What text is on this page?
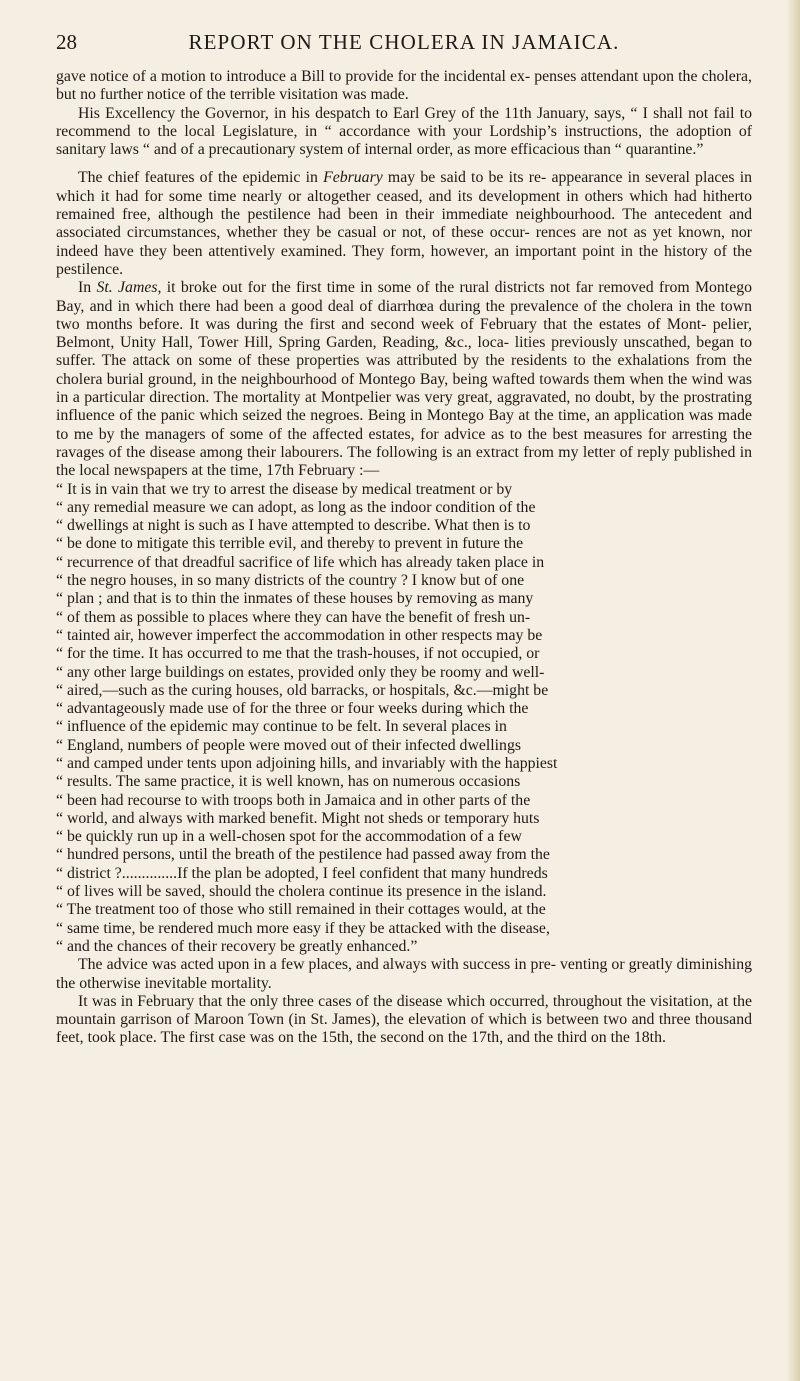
28	REPORT ON THE CHOLERA IN JAMAICA.

gave notice of a motion to introduce a Bill to provide for the incidental ex- penses attendant upon the cholera, but no further notice of the terrible visitation was made.

His Excellency the Governor, in his despatch to Earl Grey of the 11th January, says, “ I shall not fail to recommend to the local Legislature, in “ accordance with your Lordship’s instructions, the adoption of sanitary laws “ and of a precautionary system of internal order, as more efficacious than “ quarantine.”

The chief features of the epidemic in February may be said to be its re- appearance in several places in which it had for some time nearly or altogether ceased, and its development in others which had hitherto remained free, although the pestilence had been in their immediate neighbourhood. The antecedent and associated circumstances, whether they be casual or not, of these occur- rences are not as yet known, nor indeed have they been attentively examined. They form, however, an important point in the history of the pestilence.

In St. James, it broke out for the first time in some of the rural districts not far removed from Montego Bay, and in which there had been a good deal of diarrhœa during the prevalence of the cholera in the town two months before. It was during the first and second week of February that the estates of Mont- pelier, Belmont, Unity Hall, Tower Hill, Spring Garden, Reading, &c., loca- lities previously unscathed, began to suffer. The attack on some of these properties was attributed by the residents to the exhalations from the cholera burial ground, in the neighbourhood of Montego Bay, being wafted towards them when the wind was in a particular direction. The mortality at Montpelier was very great, aggravated, no doubt, by the prostrating influence of the panic which seized the negroes. Being in Montego Bay at the time, an application was made to me by the managers of some of the affected estates, for advice as to the best measures for arresting the ravages of the disease among their labourers. The following is an extract from my letter of reply published in the local newspapers at the time, 17th February :—

“ It is in vain that we try to arrest the disease by medical treatment or by
“ any remedial measure we can adopt, as long as the indoor condition of the
“ dwellings at night is such as I have attempted to describe. What then is to
“ be done to mitigate this terrible evil, and thereby to prevent in future the
“ recurrence of that dreadful sacrifice of life which has already taken place in
“ the negro houses, in so many districts of the country ? I know but of one
“ plan ; and that is to thin the inmates of these houses by removing as many
“ of them as possible to places where they can have the benefit of fresh un-
“ tainted air, however imperfect the accommodation in other respects may be
“ for the time. It has occurred to me that the trash-houses, if not occupied, or
“ any other large buildings on estates, provided only they be roomy and well-
“ aired,—such as the curing houses, old barracks, or hospitals, &c.—might be
“ advantageously made use of for the three or four weeks during which the
“ influence of the epidemic may continue to be felt. In several places in
“ England, numbers of people were moved out of their infected dwellings
“ and camped under tents upon adjoining hills, and invariably with the happiest
“ results. The same practice, it is well known, has on numerous occasions
“ been had recourse to with troops both in Jamaica and in other parts of the
“ world, and always with marked benefit. Might not sheds or temporary huts
“ be quickly run up in a well-chosen spot for the accommodation of a few
“ hundred persons, until the breath of the pestilence had passed away from the
“ district ?..............If the plan be adopted, I feel confident that many hundreds
“ of lives will be saved, should the cholera continue its presence in the island.
“ The treatment too of those who still remained in their cottages would, at the
“ same time, be rendered much more easy if they be attacked with the disease,
“ and the chances of their recovery be greatly enhanced.”

The advice was acted upon in a few places, and always with success in pre- venting or greatly diminishing the otherwise inevitable mortality.

It was in February that the only three cases of the disease which occurred, throughout the visitation, at the mountain garrison of Maroon Town (in St. James), the elevation of which is between two and three thousand feet, took place. The first case was on the 15th, the second on the 17th, and the third on the 18th.
